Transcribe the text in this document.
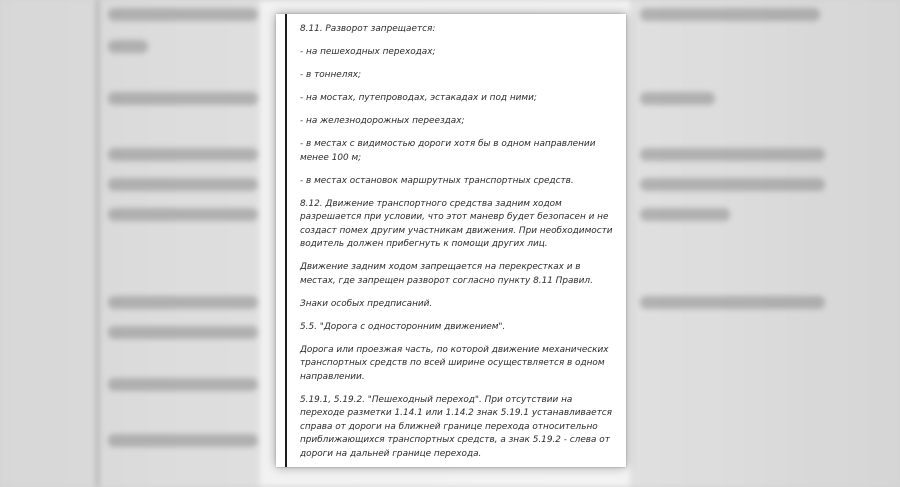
8.11. Разворот запрещается:

- на пешеходных переходах;

- в тоннелях;

- на мостах, путепроводах, эстакадах и под ними;

- на железнодорожных переездах;

- в местах с видимостью дороги хотя бы в одном направлении менее 100 м;

- в местах остановок маршрутных транспортных средств.

8.12. Движение транспортного средства задним ходом разрешается при условии, что этот маневр будет безопасен и не создаст помех другим участникам движения. При необходимости водитель должен прибегнуть к помощи других лиц.

Движение задним ходом запрещается на перекрестках и в местах, где запрещен разворот согласно пункту 8.11 Правил.

Знаки особых предписаний.

5.5. "Дорога с односторонним движением".

Дорога или проезжая часть, по которой движение механических транспортных средств по всей ширине осуществляется в одном направлении.

5.19.1, 5.19.2. "Пешеходный переход". При отсутствии на переходе разметки 1.14.1 или 1.14.2 знак 5.19.1 устанавливается справа от дороги на ближней границе перехода относительно приближающихся транспортных средств, а знак 5.19.2 - слева от дороги на дальней границе перехода.
